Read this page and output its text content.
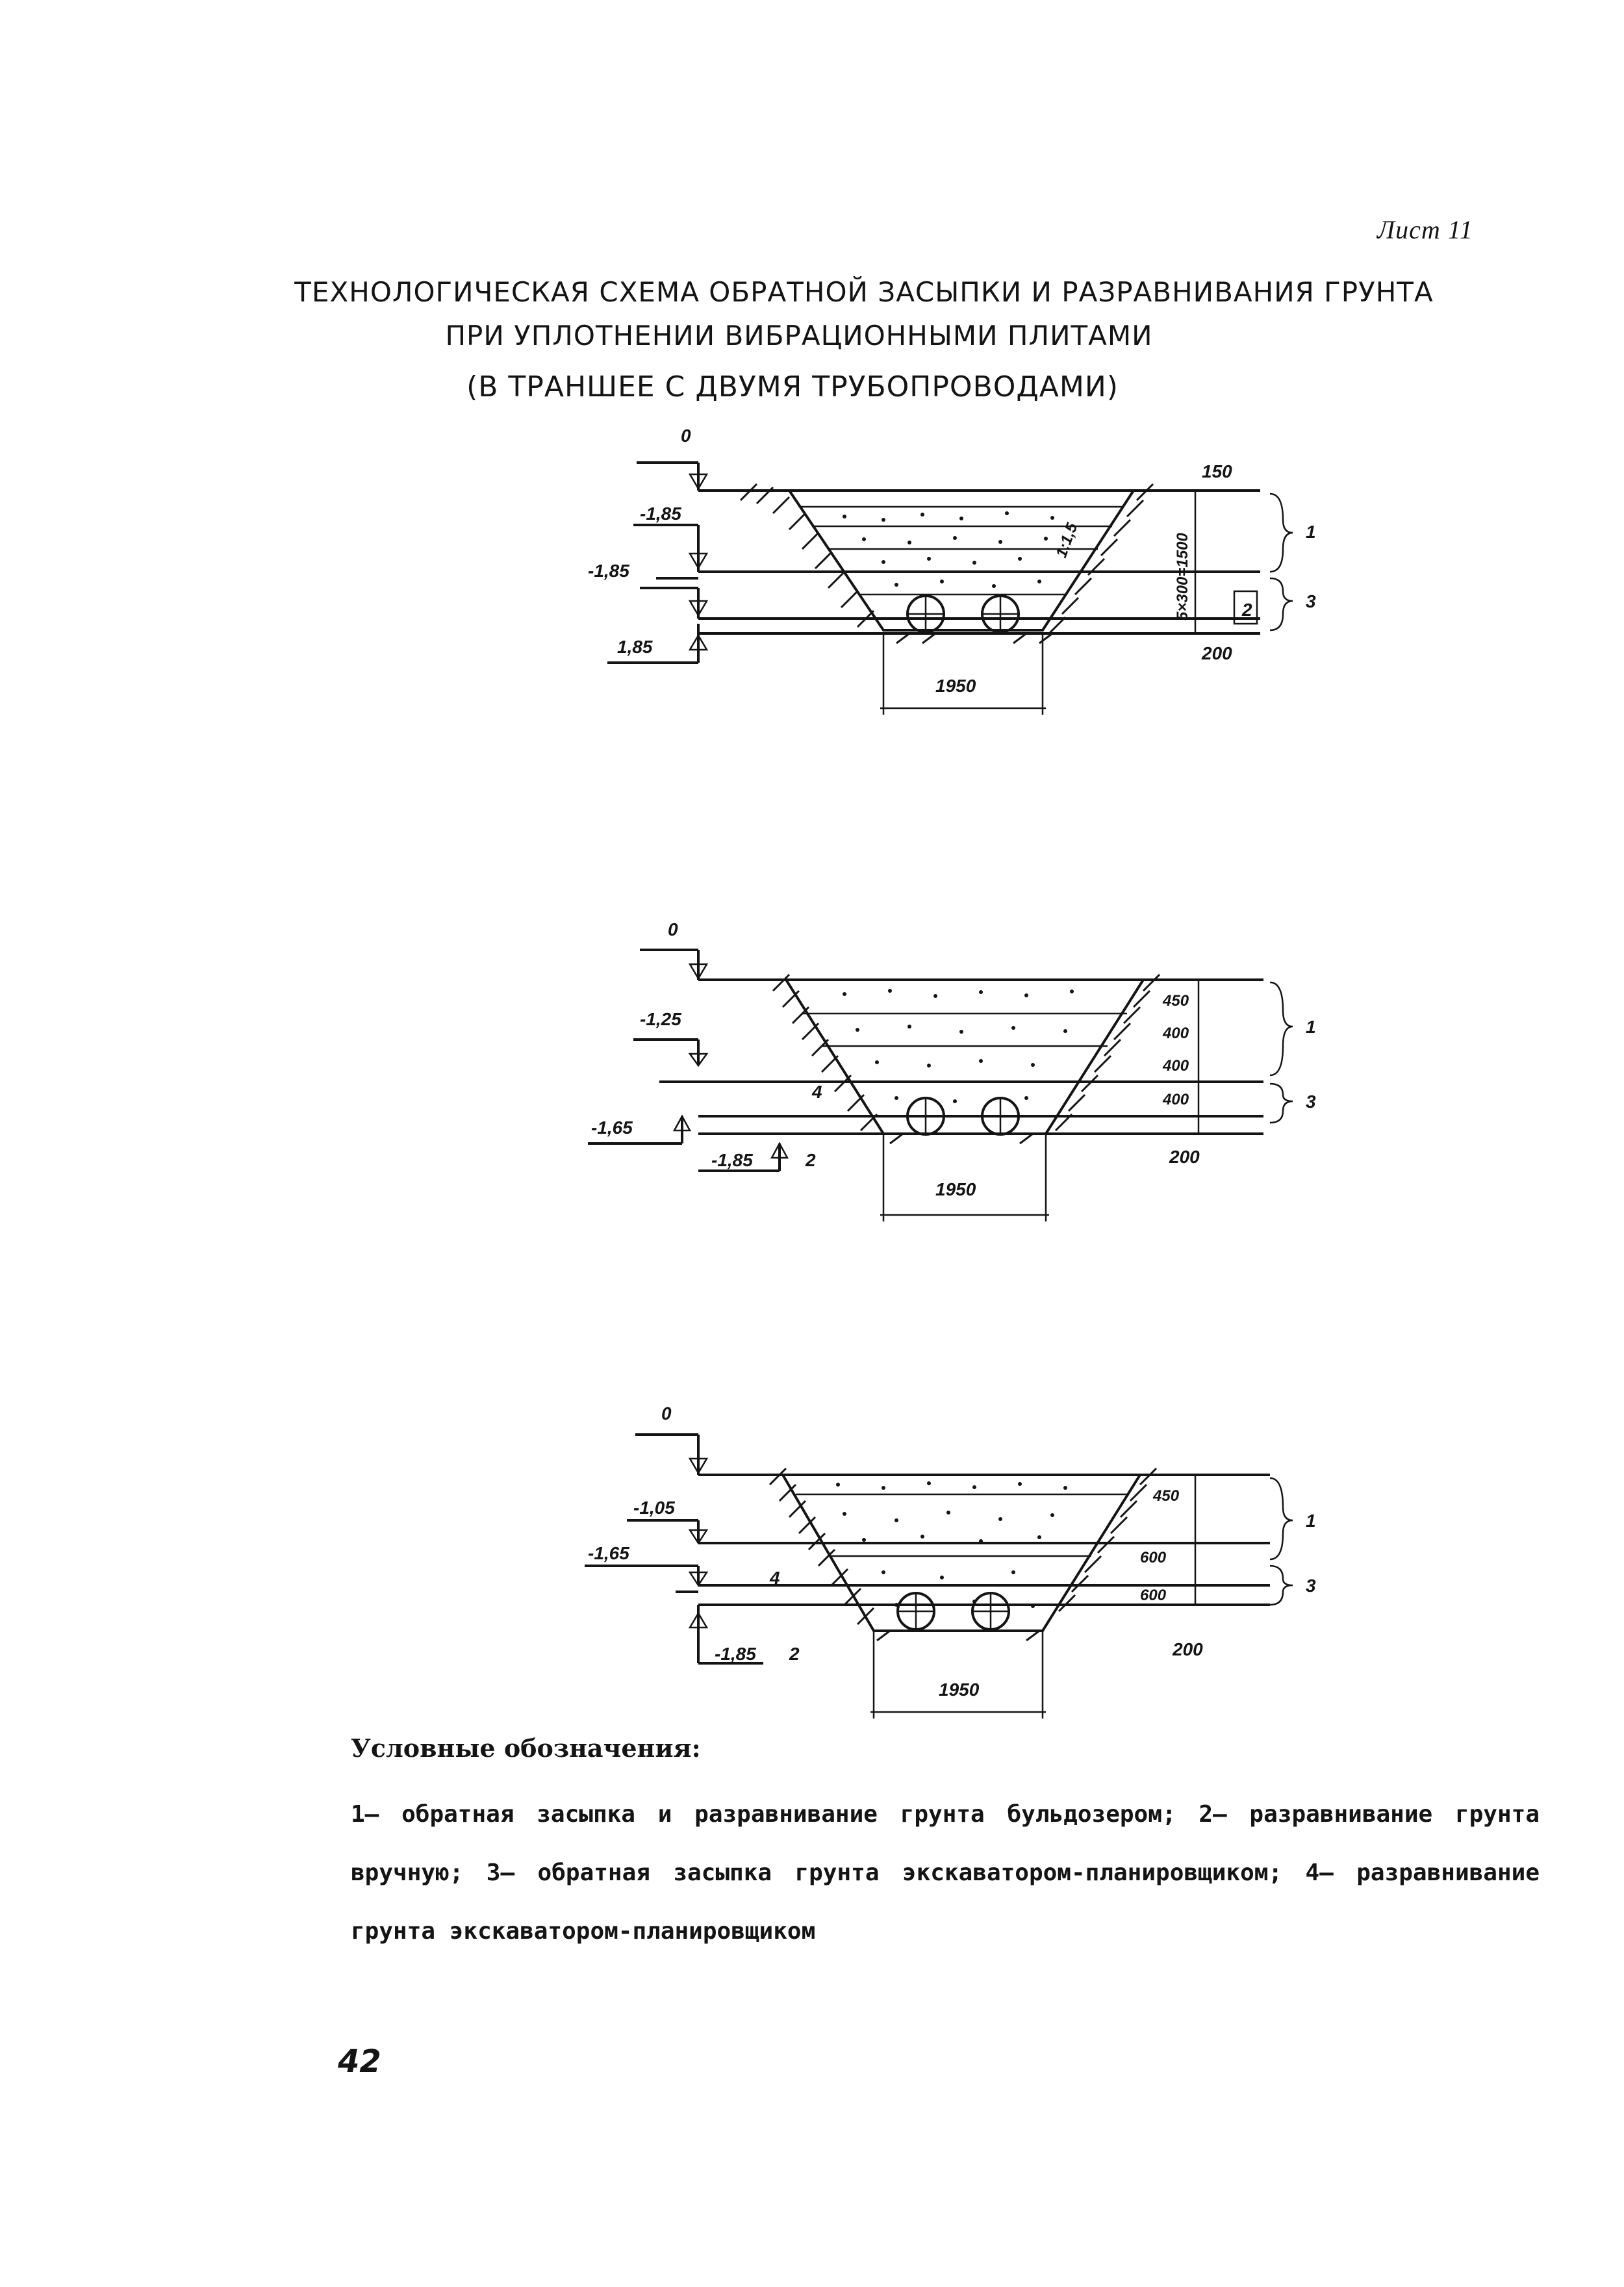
Лист 11
ТЕХНОЛОГИЧЕСКАЯ СХЕМА ОБРАТНОЙ ЗАСЫПКИ И РАЗРАВНИВАНИЯ ГРУНТА
ПРИ УПЛОТНЕНИИ ВИБРАЦИОННЫМИ ПЛИТАМИ
(В ТРАНШЕЕ С ДВУМЯ ТРУБОПРОВОДАМИ)
0
-1,85
-1,85
1,85
1:1,5	5×300=1500
150
1
3
2
200
1950
0
-1,25
-1,65
-1,85	2
4
450
400
400
400
1
3
200
1950
0
-1,05
-1,65
-1,85 2
4
450
600
600
1
3
200
1950
Условные обозначения:
1– обратная засыпка и разравнивание грунта бульдозером; 2– разравнивание грунта вручную; 3– обратная засыпка грунта экскаватором-планировщиком; 4– разравнивание грунта экскаватором-планировщиком
42
